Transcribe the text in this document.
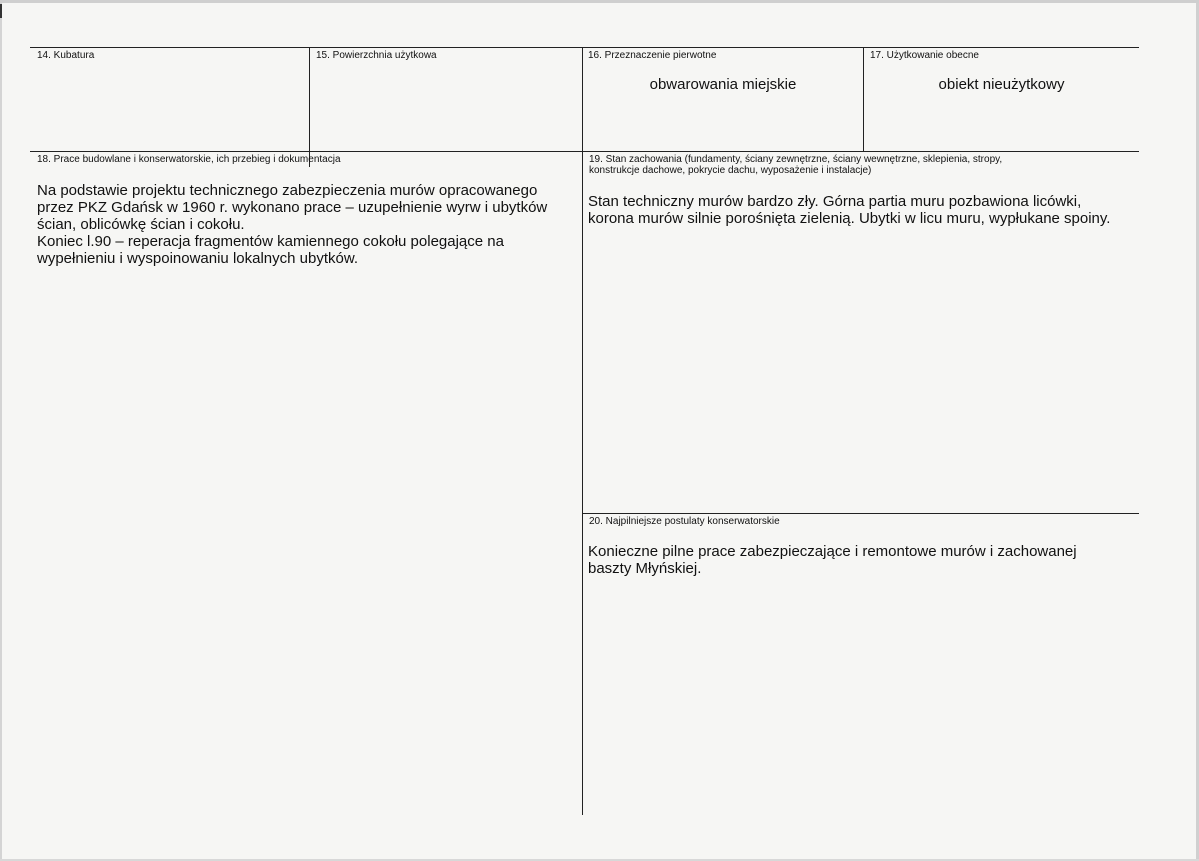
14. Kubatura	15. Powierzchnia użytkowa	16. Przeznaczenie pierwotne
obwarowania miejskie
17. Użytkowanie obecne
obiekt nieużytkowy
18. Prace budowlane i konserwatorskie, ich przebieg i dokumentacja
Na podstawie projektu technicznego zabezpieczenia murów opracowanego
przez PKZ Gdańsk w 1960 r. wykonano prace – uzupełnienie wyrw i ubytków
ścian, oblicówkę ścian i cokołu.
Koniec l.90 – reperacja fragmentów kamiennego cokołu polegające na
wypełnieniu i wyspoinowaniu lokalnych ubytków.
19. Stan zachowania (fundamenty, ściany zewnętrzne, ściany wewnętrzne, sklepienia, stropy,
konstrukcje dachowe, pokrycie dachu, wyposażenie i instalacje)
Stan techniczny murów bardzo zły. Górna partia muru pozbawiona licówki,
korona murów silnie porośnięta zielenią. Ubytki w licu muru, wypłukane spoiny.
20. Najpilniejsze postulaty konserwatorskie
Konieczne pilne prace zabezpieczające i remontowe murów i zachowanej
baszty Młyńskiej.
